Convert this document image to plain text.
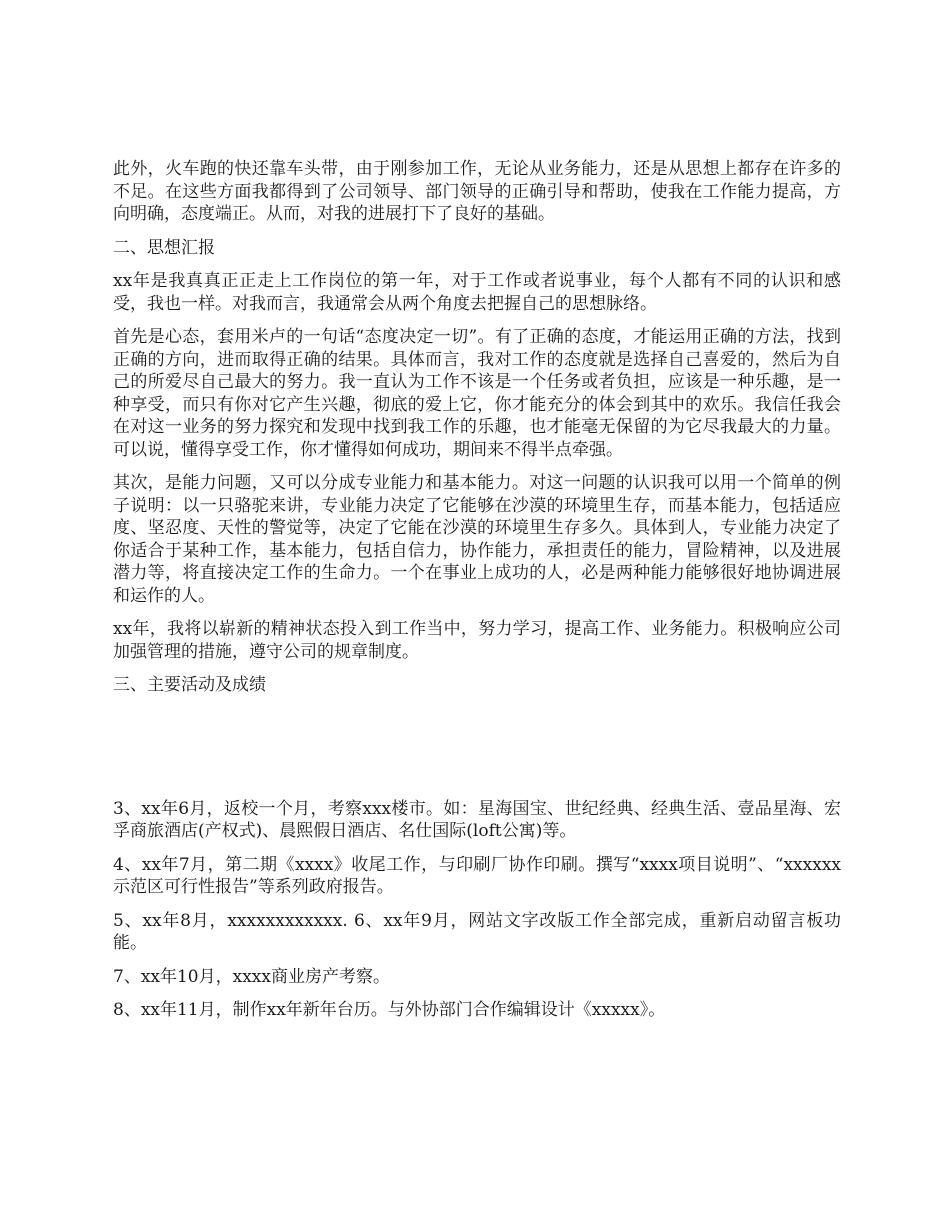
此外，火车跑的快还靠车头带，由于刚参加工作，无论从业务能力，还是从思想上都存在许多的不足。在这些方面我都得到了公司领导、部门领导的正确引导和帮助，使我在工作能力提高，方向明确，态度端正。从而，对我的进展打下了良好的基础。

二、思想汇报

xx年是我真真正正走上工作岗位的第一年，对于工作或者说事业，每个人都有不同的认识和感受，我也一样。对我而言，我通常会从两个角度去把握自己的思想脉络。

首先是心态，套用米卢的一句话“态度决定一切”。有了正确的态度，才能运用正确的方法，找到正确的方向，进而取得正确的结果。具体而言，我对工作的态度就是选择自己喜爱的，然后为自己的所爱尽自己最大的努力。我一直认为工作不该是一个任务或者负担，应该是一种乐趣，是一种享受，而只有你对它产生兴趣，彻底的爱上它，你才能充分的体会到其中的欢乐。我信任我会在对这一业务的努力探究和发现中找到我工作的乐趣，也才能毫无保留的为它尽我最大的力量。可以说，懂得享受工作，你才懂得如何成功，期间来不得半点牵强。

其次，是能力问题，又可以分成专业能力和基本能力。对这一问题的认识我可以用一个简单的例子说明：以一只骆驼来讲，专业能力决定了它能够在沙漠的环境里生存，而基本能力，包括适应度、坚忍度、天性的警觉等，决定了它能在沙漠的环境里生存多久。具体到人，专业能力决定了你适合于某种工作，基本能力，包括自信力，协作能力，承担责任的能力，冒险精神，以及进展潜力等，将直接决定工作的生命力。一个在事业上成功的人，必是两种能力能够很好地协调进展和运作的人。

xx年，我将以崭新的精神状态投入到工作当中，努力学习，提高工作、业务能力。积极响应公司加强管理的措施，遵守公司的规章制度。

三、主要活动及成绩

3、xx年6月，返校一个月，考察xxx楼市。如：星海国宝、世纪经典、经典生活、壹品星海、宏孚商旅酒店(产权式)、晨熙假日酒店、名仕国际(loft公寓)等。

4、xx年7月，第二期《xxxx》收尾工作，与印刷厂协作印刷。撰写“xxxx项目说明”、“xxxxxx示范区可行性报告”等系列政府报告。

5、xx年8月，xxxxxxxxxxxx. 6、xx年9月，网站文字改版工作全部完成，重新启动留言板功能。

7、xx年10月，xxxx商业房产考察。

8、xx年11月，制作xx年新年台历。与外协部门合作编辑设计《xxxxx》。
